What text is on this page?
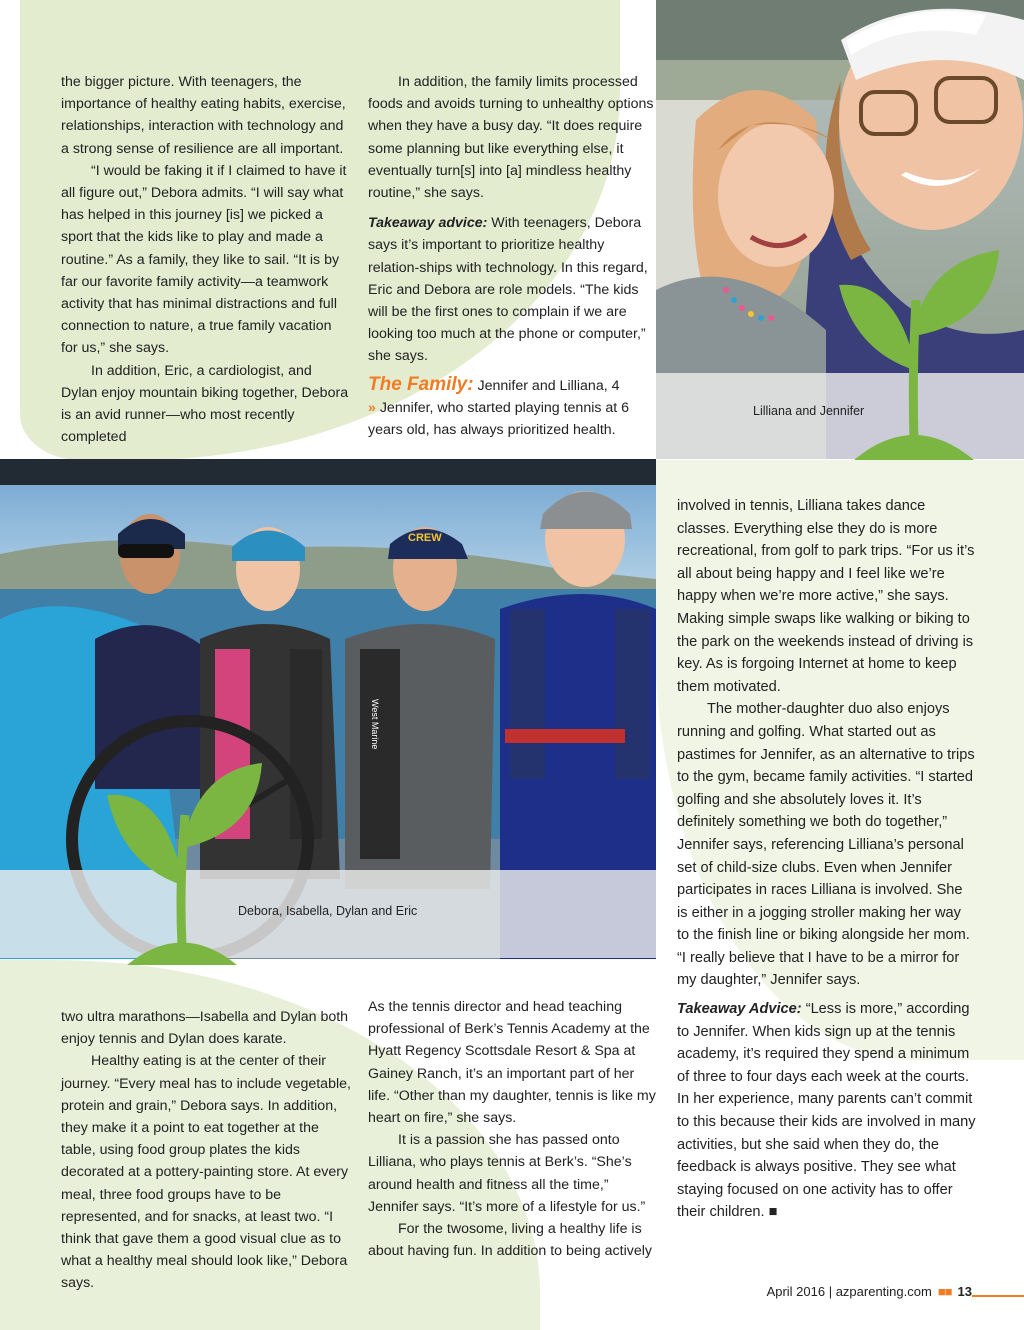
the bigger picture. With teenagers, the importance of healthy eating habits, exercise, relationships, interaction with technology and a strong sense of resilience are all important.

“I would be faking it if I claimed to have it all figure out,” Debora admits. “I will say what has helped in this journey [is] we picked a sport that the kids like to play and made a routine.” As a family, they like to sail. “It is by far our favorite family activity—a teamwork activity that has minimal distractions and full connection to nature, a true family vacation for us,” she says.

In addition, Eric, a cardiologist, and Dylan enjoy mountain biking together, Debora is an avid runner—who most recently completed

In addition, the family limits processed foods and avoids turning to unhealthy options when they have a busy day. “It does require some planning but like everything else, it eventually turn[s] into [a] mindless healthy routine,” she says.

Takeaway advice: With teenagers, Debora says it’s important to prioritize healthy relation-ships with technology. In this regard, Eric and Debora are role models. “The kids will be the first ones to complain if we are looking too much at the phone or computer,” she says.

The Family: Jennifer and Lilliana, 4
» Jennifer, who started playing tennis at 6 years old, has always prioritized health.

Lilliana and Jennifer
CREW
West Marine
Debora, Isabella, Dylan and Eric

involved in tennis, Lilliana takes dance classes. Everything else they do is more recreational, from golf to park trips. “For us it’s all about being happy and I feel like we’re happy when we’re more active,” she says. Making simple swaps like walking or biking to the park on the weekends instead of driving is key. As is forgoing Internet at home to keep them motivated.

The mother-daughter duo also enjoys running and golfing. What started out as pastimes for Jennifer, as an alternative to trips to the gym, became family activities. “I started golfing and she absolutely loves it. It’s definitely something we both do together,” Jennifer says, referencing Lilliana’s personal set of child-size clubs. Even when Jennifer participates in races Lilliana is involved. She is either in a jogging stroller making her way to the finish line or biking alongside her mom. “I really believe that I have to be a mirror for my daughter,” Jennifer says.

Takeaway Advice: “Less is more,” according to Jennifer. When kids sign up at the tennis academy, it’s required they spend a minimum of three to four days each week at the courts. In her experience, many parents can’t commit to this because their kids are involved in many activities, but she said when they do, the feedback is always positive. They see what staying focused on one activity has to offer their children. ■

two ultra marathons—Isabella and Dylan both enjoy tennis and Dylan does karate.

Healthy eating is at the center of their journey. “Every meal has to include vegetable, protein and grain,” Debora says. In addition, they make it a point to eat together at the table, using food group plates the kids decorated at a pottery-painting store. At every meal, three food groups have to be represented, and for snacks, at least two. “I think that gave them a good visual clue as to what a healthy meal should look like,” Debora says.

As the tennis director and head teaching professional of Berk’s Tennis Academy at the Hyatt Regency Scottsdale Resort & Spa at Gainey Ranch, it’s an important part of her life. “Other than my daughter, tennis is like my heart on fire,” she says.

It is a passion she has passed onto Lilliana, who plays tennis at Berk’s. “She’s around health and fitness all the time,” Jennifer says. “It’s more of a lifestyle for us.”

For the twosome, living a healthy life is about having fun. In addition to being actively

April 2016 | azparenting.com ■■ 13
